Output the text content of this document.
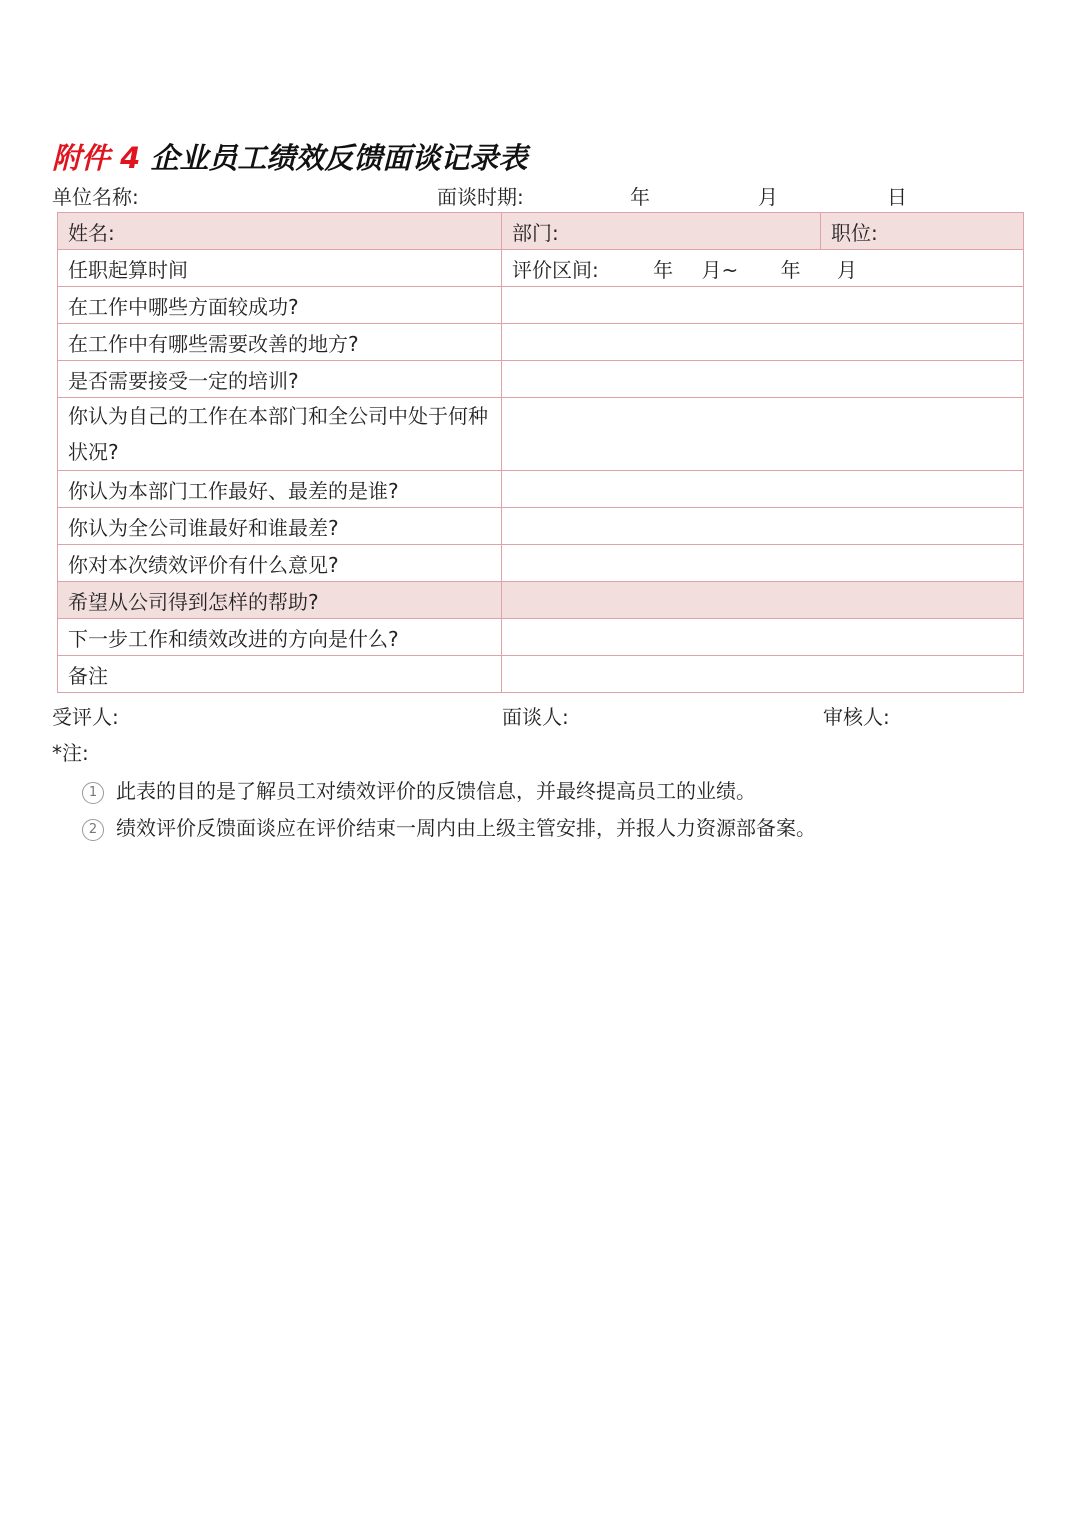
附件 4 企业员工绩效反馈面谈记录表
单位名称:	面谈时期:	年	月	日
姓名:	部门:	职位:
任职起算时间	评价区间: 年 月~ 年 月	
在工作中哪些方面较成功?		
在工作中有哪些需要改善的地方?		
是否需要接受一定的培训?		
你认为自己的工作在本部门和全公司中处于何种状况?		
你认为本部门工作最好、最差的是谁?		
你认为全公司谁最好和谁最差?		
你对本次绩效评价有什么意见?		
希望从公司得到怎样的帮助?		
下一步工作和绩效改进的方向是什么?		
备注		
受评人:	面谈人:	审核人:
*注:
1 此表的目的是了解员工对绩效评价的反馈信息，并最终提高员工的业绩。
2 绩效评价反馈面谈应在评价结束一周内由上级主管安排，并报人力资源部备案。
